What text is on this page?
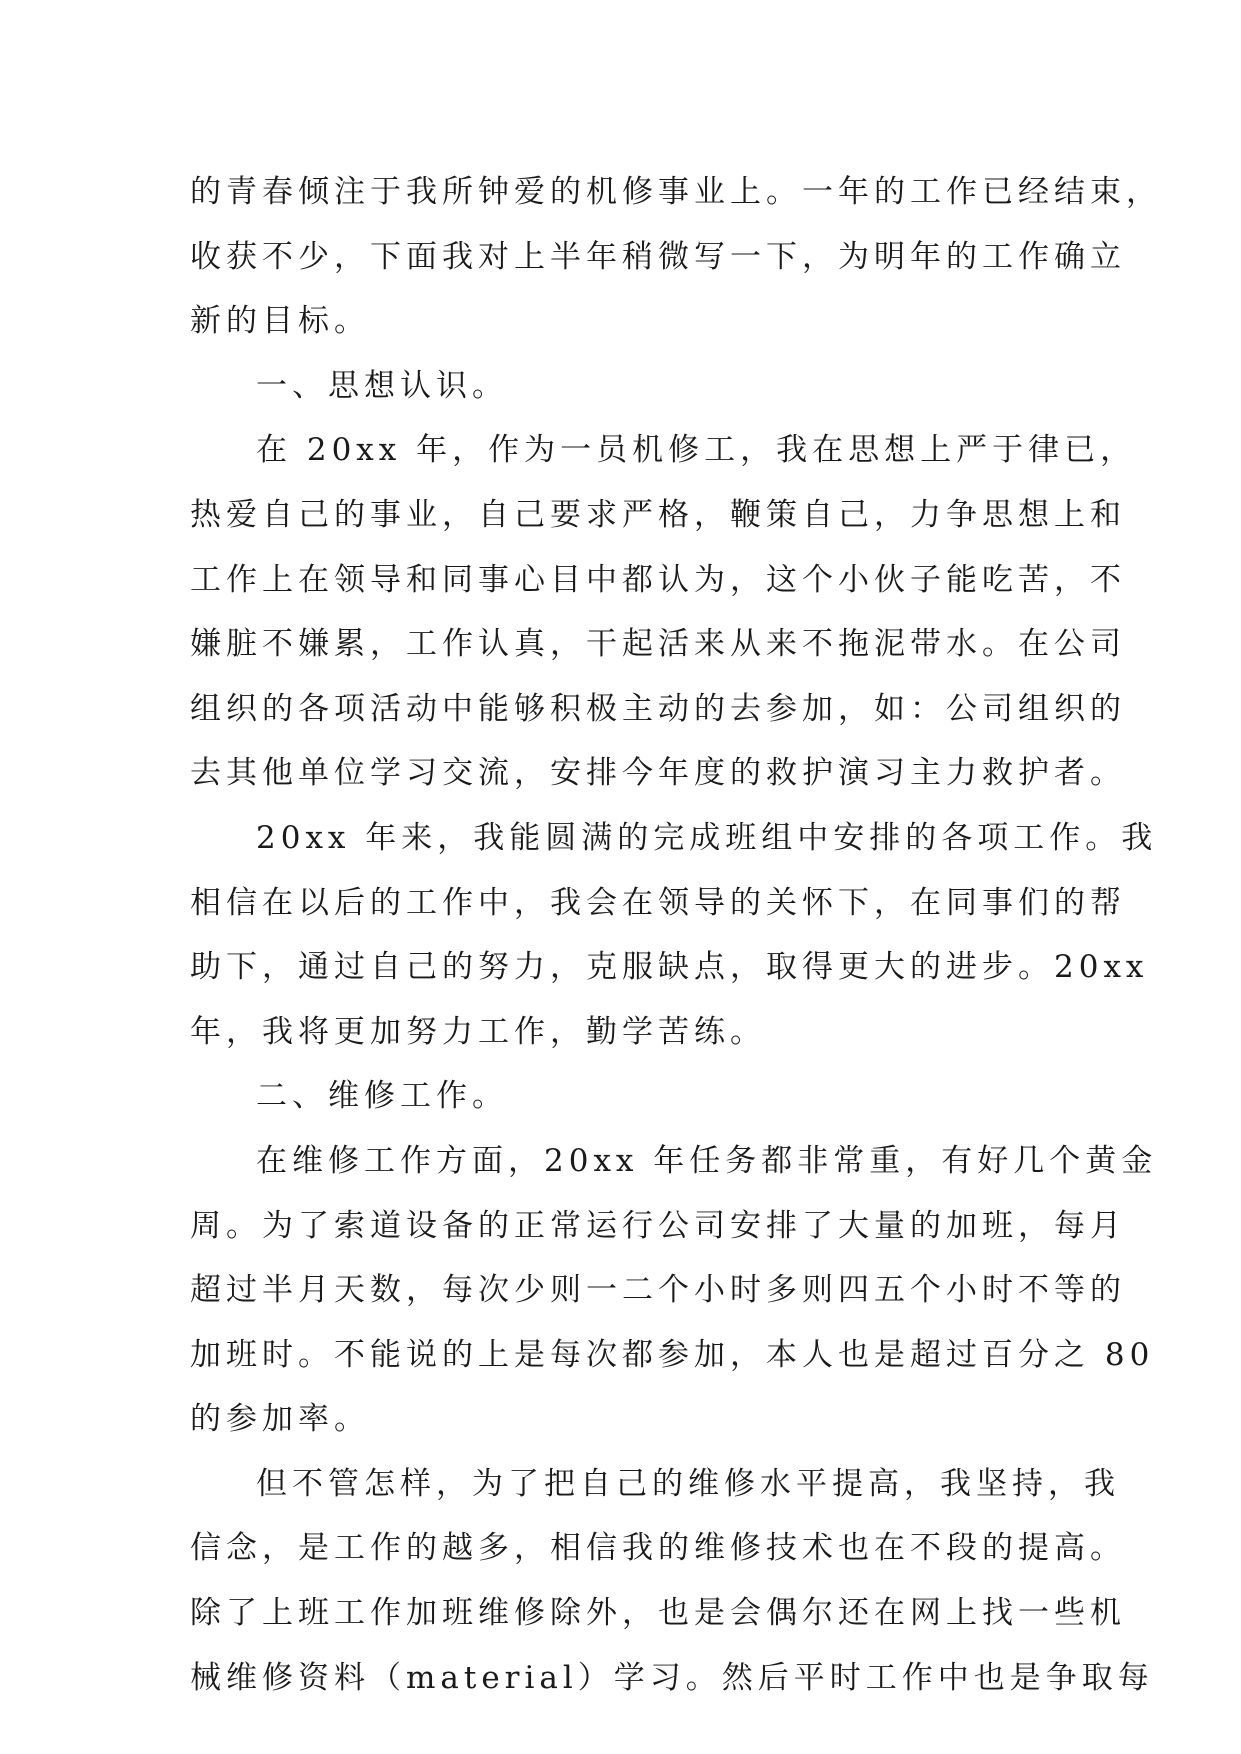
的青春倾注于我所钟爱的机修事业上。一年的工作已经结束，
收获不少，下面我对上半年稍微写一下，为明年的工作确立
新的目标。
一、思想认识。
在 20xx 年，作为一员机修工，我在思想上严于律已，
热爱自己的事业，自己要求严格，鞭策自己，力争思想上和
工作上在领导和同事心目中都认为，这个小伙子能吃苦，不
嫌脏不嫌累，工作认真，干起活来从来不拖泥带水。在公司
组织的各项活动中能够积极主动的去参加，如：公司组织的
去其他单位学习交流，安排今年度的救护演习主力救护者。
20xx 年来，我能圆满的完成班组中安排的各项工作。我
相信在以后的工作中，我会在领导的关怀下，在同事们的帮
助下，通过自己的努力，克服缺点，取得更大的进步。20xx
年，我将更加努力工作，勤学苦练。
二、维修工作。
在维修工作方面，20xx 年任务都非常重，有好几个黄金
周。为了索道设备的正常运行公司安排了大量的加班，每月
超过半月天数，每次少则一二个小时多则四五个小时不等的
加班时。不能说的上是每次都参加，本人也是超过百分之 80
的参加率。
但不管怎样，为了把自己的维修水平提高，我坚持，我
信念，是工作的越多，相信我的维修技术也在不段的提高。
除了上班工作加班维修除外，也是会偶尔还在网上找一些机
械维修资料（material）学习。然后平时工作中也是争取每
